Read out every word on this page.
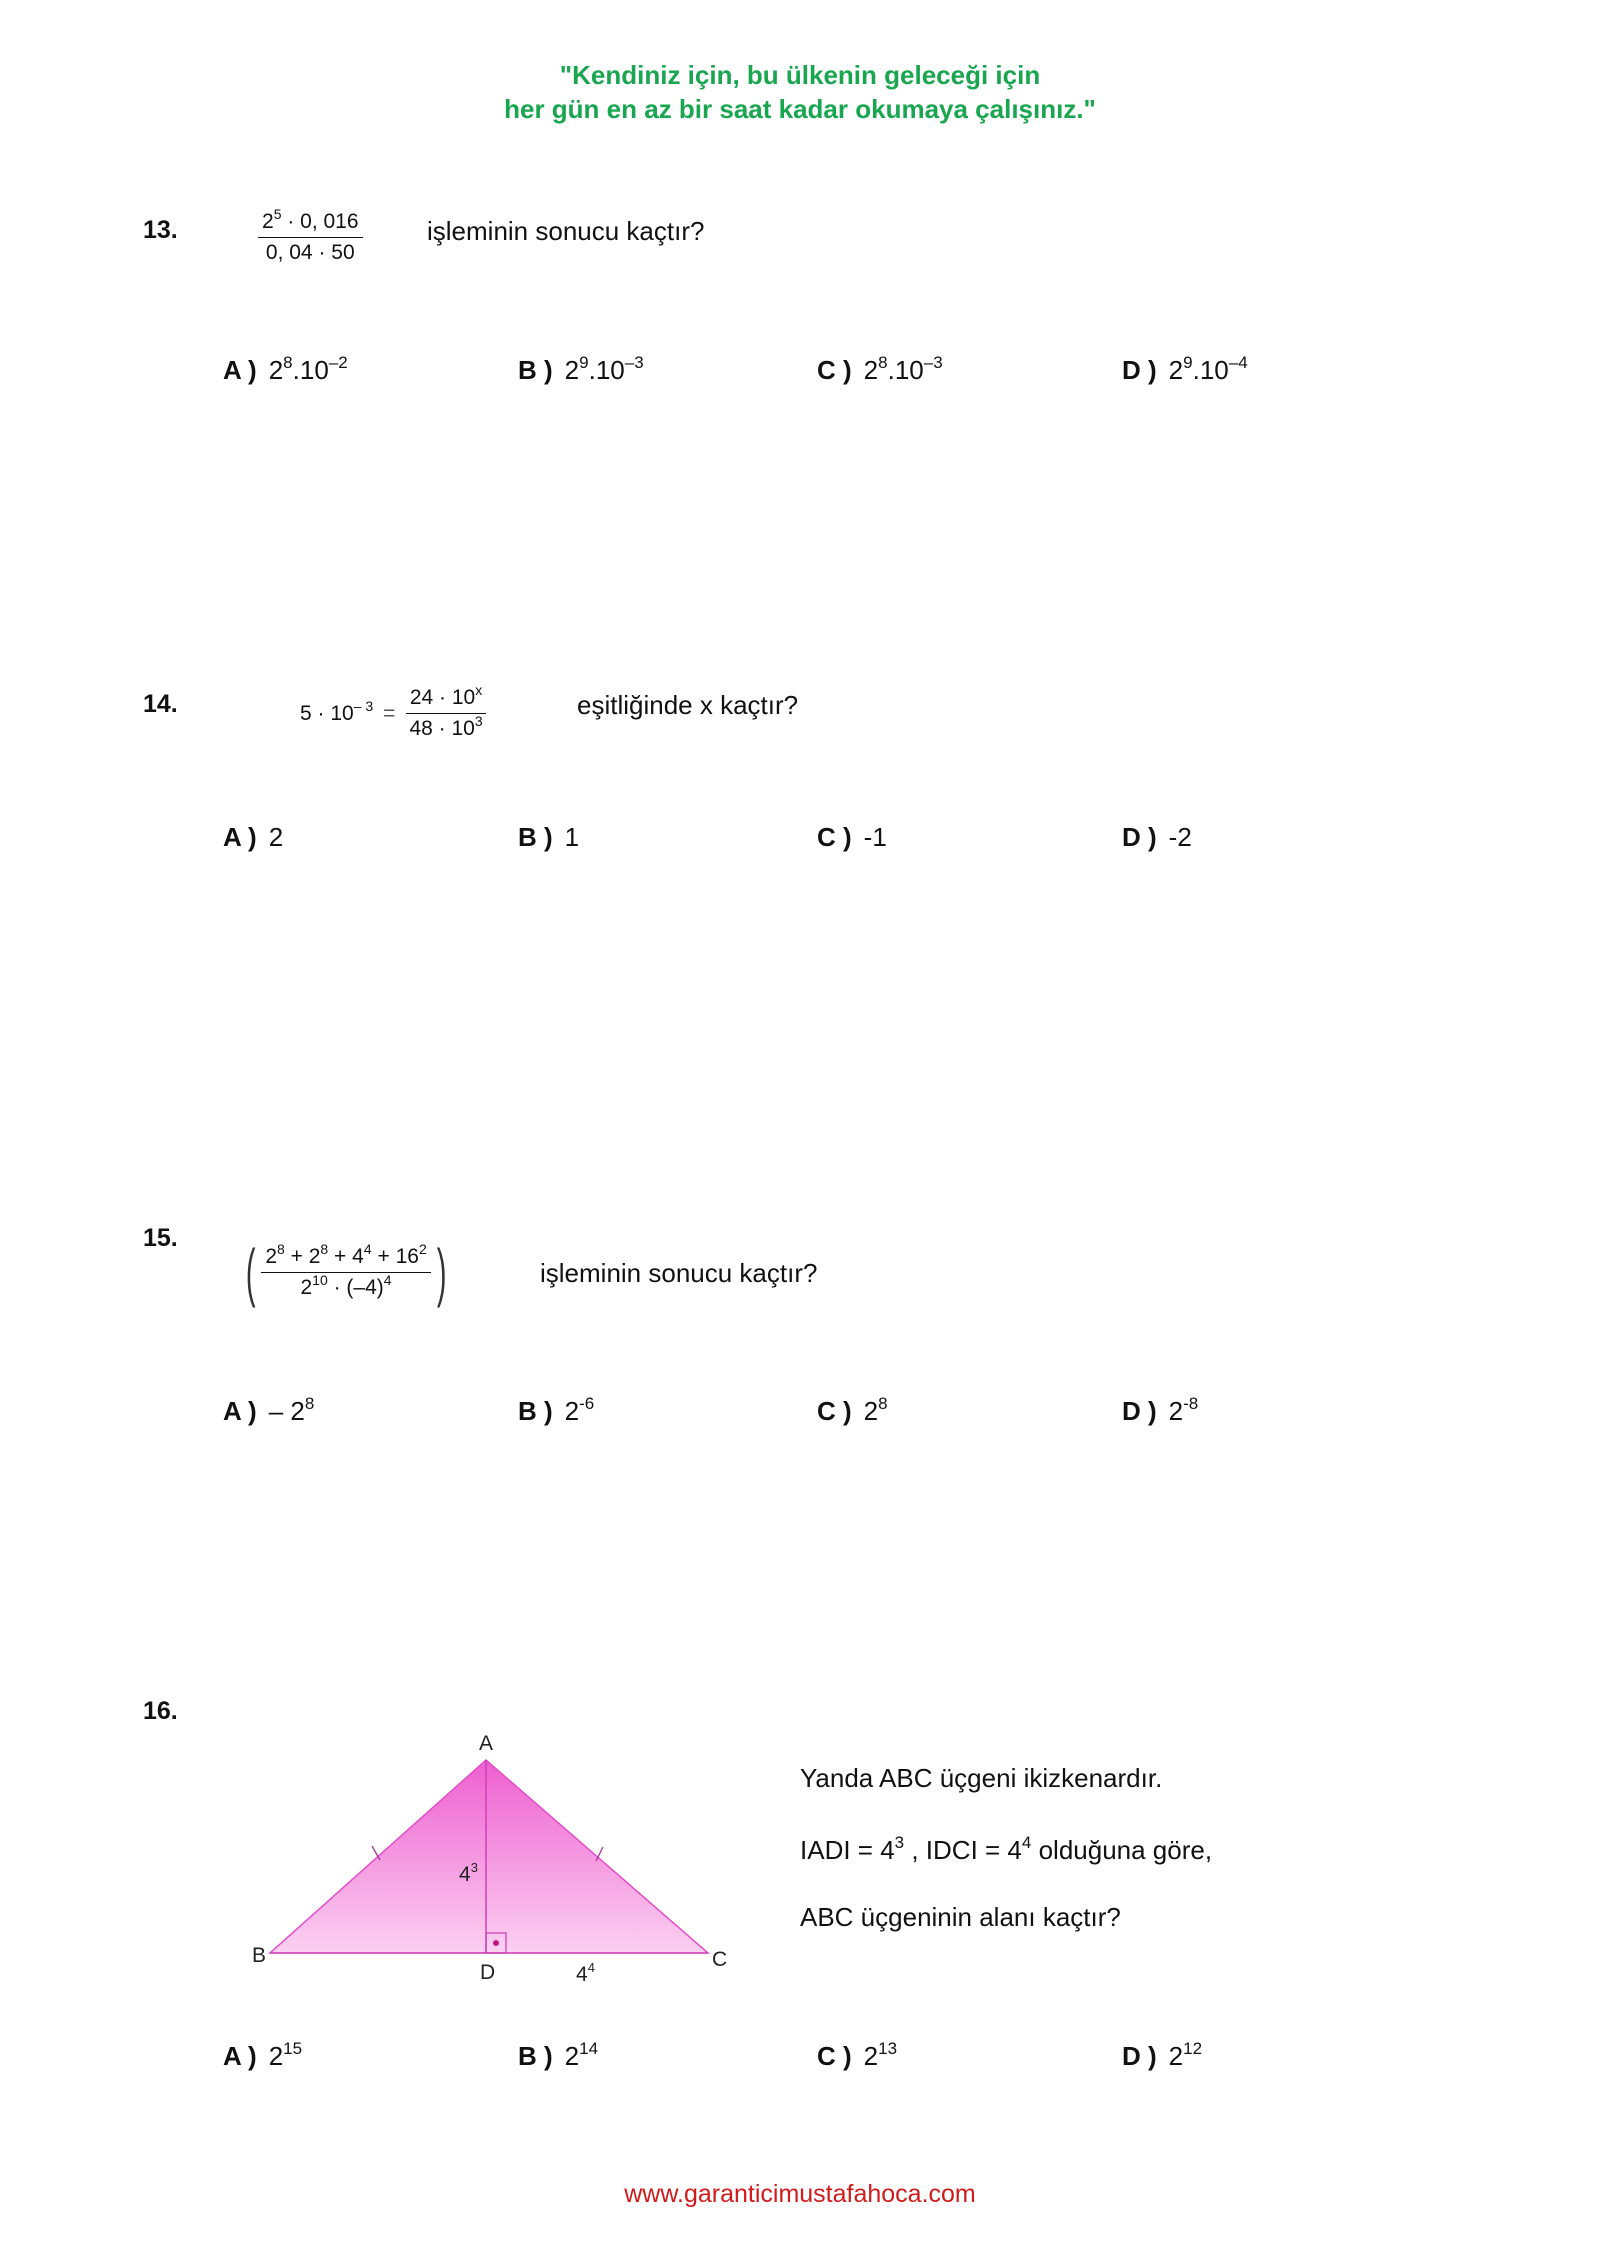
"Kendiniz için, bu ülkenin geleceği için
her gün en az bir saat kadar okumaya çalışınız."
13.	$\frac{2^5 \cdot 0, 016}{0, 04 \cdot 50}$ işleminin sonucu kaçtır?
A ) $2^8.10^{-2}$	B ) $2^9.10^{-3}$	C ) $2^8.10^{-3}$	D ) $2^9.10^{-4}$
14.	$5 \cdot 10^{- 3} = \frac{24 \cdot 10^x}{48 \cdot 10^3}$	eşitliğinde x kaçtır?
A ) 2	B ) 1	C ) -1	D ) -2
15. ( $\frac{2^8 + 2^8 + 4^4 + 16^2}{2^{10} \cdot (-4)^4}$ )	işleminin sonucu kaçtır?
A ) – $2^8$	B ) $2^{-6}$	C ) $2^8$	D ) $2^{-8}$
16.
A
B	C
D
$4^3$
$4^4$
Yanda ABC üçgeni ikizkenardır.
IADI = $4^3$ , IDCI = $4^4$ olduğuna göre,
ABC üçgeninin alanı kaçtır?
A ) $2^{15}$	B ) $2^{14}$	C ) $2^{13}$	D ) $2^{12}$
www.garanticimustafahoca.com
